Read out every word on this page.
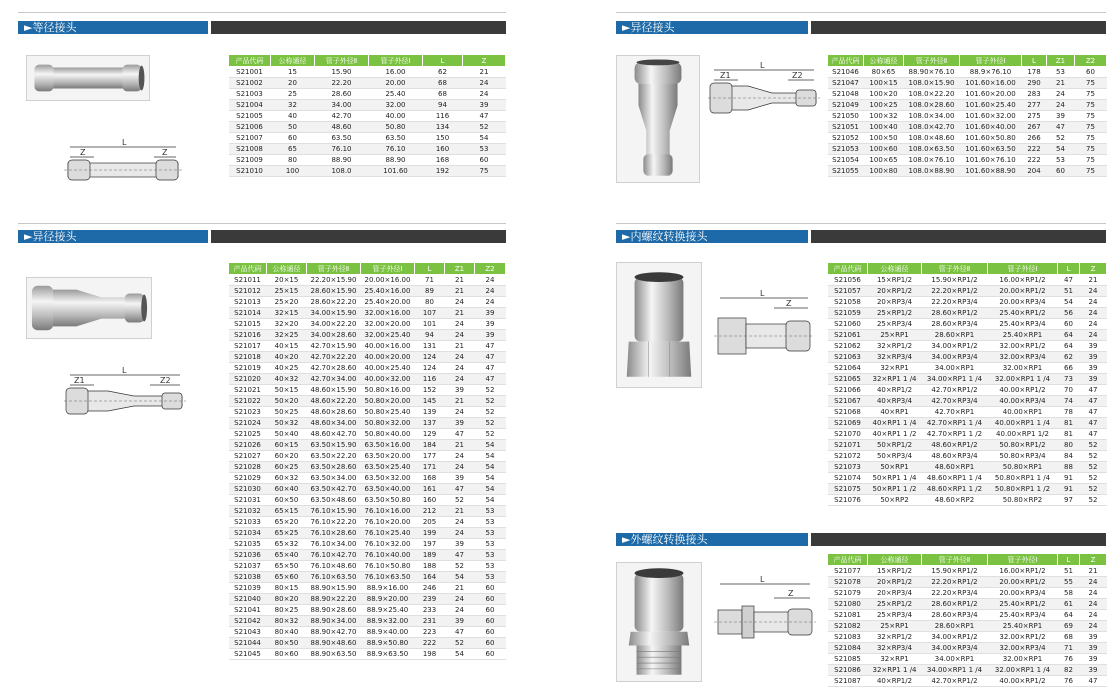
►等径接头
L
Z	Z
产品代码	公称通径	管子外径Ⅱ	管子外径Ⅰ	L	Z
S21001	15	15.90	16.00	62	21
S21002	20	22.20	20.00	68	24
S21003	25	28.60	25.40	68	24
S21004	32	34.00	32.00	94	39
S21005	40	42.70	40.00	116	47
S21006	50	48.60	50.80	134	52
S21007	60	63.50	63.50	150	54
S21008	65	76.10	76.10	160	53
S21009	80	88.90	88.90	168	60
S21010	100	108.0	101.60	192	75
►异径接头
L
Z1	Z2
产品代码	公称通径	管子外径Ⅱ	管子外径Ⅰ	L	Z1	Z2
S21011	20×15	22.20×15.90	20.00×16.00	71	21	24
S21012	25×15	28.60×15.90	25.40×16.00	89	21	24
S21013	25×20	28.60×22.20	25.40×20.00	80	24	24
S21014	32×15	34.00×15.90	32.00×16.00	107	21	39
S21015	32×20	34.00×22.20	32.00×20.00	101	24	39
S21016	32×25	34.00×28.60	32.00×25.40	94	24	39
S21017	40×15	42.70×15.90	40.00×16.00	131	21	47
S21018	40×20	42.70×22.20	40.00×20.00	124	24	47
S21019	40×25	42.70×28.60	40.00×25.40	124	24	47
S21020	40×32	42.70×34.00	40.00×32.00	116	24	47
S21021	50×15	48.60×15.90	50.80×16.00	152	39	52
S21022	50×20	48.60×22.20	50.80×20.00	145	21	52
S21023	50×25	48.60×28.60	50.80×25.40	139	24	52
S21024	50×32	48.60×34.00	50.80×32.00	137	39	52
S21025	50×40	48.60×42.70	50.80×40.00	129	47	52
S21026	60×15	63.50×15.90	63.50×16.00	184	21	54
S21027	60×20	63.50×22.20	63.50×20.00	177	24	54
S21028	60×25	63.50×28.60	63.50×25.40	171	24	54
S21029	60×32	63.50×34.00	63.50×32.00	168	39	54
S21030	60×40	63.50×42.70	63.50×40.00	161	47	54
S21031	60×50	63.50×48.60	63.50×50.80	160	52	54
S21032	65×15	76.10×15.90	76.10×16.00	212	21	53
S21033	65×20	76.10×22.20	76.10×20.00	205	24	53
S21034	65×25	76.10×28.60	76.10×25.40	199	24	53
S21035	65×32	76.10×34.00	76.10×32.00	197	39	53
S21036	65×40	76.10×42.70	76.10×40.00	189	47	53
S21037	65×50	76.10×48.60	76.10×50.80	188	52	53
S21038	65×60	76.10×63.50	76.10×63.50	164	54	53
S21039	80×15	88.90×15.90	88.9×16.00	246	21	60
S21040	80×20	88.90×22.20	88.9×20.00	239	24	60
S21041	80×25	88.90×28.60	88.9×25.40	233	24	60
S21042	80×32	88.90×34.00	88.9×32.00	231	39	60
S21043	80×40	88.90×42.70	88.9×40.00	223	47	60
S21044	80×50	88.90×48.60	88.9×50.80	222	52	60
S21045	80×60	88.90×63.50	88.9×63.50	198	54	60
►异径接头
L
Z1	Z2
产品代码	公称通径	管子外径Ⅱ	管子外径Ⅰ	L	Z1	Z2
S21046	80×65	88.90×76.10	88.9×76.10	178	53	60
S21047	100×15	108.0×15.90	101.60×16.00	290	21	75
S21048	100×20	108.0×22.20	101.60×20.00	283	24	75
S21049	100×25	108.0×28.60	101.60×25.40	277	24	75
S21050	100×32	108.0×34.00	101.60×32.00	275	39	75
S21051	100×40	108.0×42.70	101.60×40.00	267	47	75
S21052	100×50	108.0×48.60	101.60×50.80	266	52	75
S21053	100×60	108.0×63.50	101.60×63.50	222	54	75
S21054	100×65	108.0×76.10	101.60×76.10	222	53	75
S21055	100×80	108.0×88.90	101.60×88.90	204	60	75
►内螺纹转换接头
L
Z
产品代码	公称通径	管子外径Ⅱ	管子外径Ⅰ	L	Z
S21056	15×RP1/2	15.90×RP1/2	16.00×RP1/2	47	21
S21057	20×RP1/2	22.20×RP1/2	20.00×RP1/2	51	24
S21058	20×RP3/4	22.20×RP3/4	20.00×RP3/4	54	24
S21059	25×RP1/2	28.60×RP1/2	25.40×RP1/2	56	24
S21060	25×RP3/4	28.60×RP3/4	25.40×RP3/4	60	24
S21061	25×RP1	28.60×RP1	25.40×RP1	64	24
S21062	32×RP1/2	34.00×RP1/2	32.00×RP1/2	64	39
S21063	32×RP3/4	34.00×RP3/4	32.00×RP3/4	62	39
S21064	32×RP1	34.00×RP1	32.00×RP1	66	39
S21065	32×RP1 1 /4	34.00×RP1 1 /4	32.00×RP1 1 /4	73	39
S21066	40×RP1/2	42.70×RP1/2	40.00×RP1/2	70	47
S21067	40×RP3/4	42.70×RP3/4	40.00×RP3/4	74	47
S21068	40×RP1	42.70×RP1	40.00×RP1	78	47
S21069	40×RP1 1 /4	42.70×RP1 1 /4	40.00×RP1 1 /4	81	47
S21070	40×RP1 1 /2	42.70×RP1 1 /2	40.00×RP1 1/2	81	47
S21071	50×RP1/2	48.60×RP1/2	50.80×RP1/2	80	52
S21072	50×RP3/4	48.60×RP3/4	50.80×RP3/4	84	52
S21073	50×RP1	48.60×RP1	50.80×RP1	88	52
S21074	50×RP1 1 /4	48.60×RP1 1 /4	50.80×RP1 1 /4	91	52
S21075	50×RP1 1 /2	48.60×RP1 1 /2	50.80×RP1 1 /2	91	52
S21076	50×RP2	48.60×RP2	50.80×RP2	97	52
►外螺纹转换接头
L
Z
产品代码	公称通径	管子外径Ⅱ	管子外径Ⅰ	L	Z
S21077	15×RP1/2	15.90×RP1/2	16.00×RP1/2	51	21
S21078	20×RP1/2	22.20×RP1/2	20.00×RP1/2	55	24
S21079	20×RP3/4	22.20×RP3/4	20.00×RP3/4	58	24
S21080	25×RP1/2	28.60×RP1/2	25.40×RP1/2	61	24
S21081	25×RP3/4	28.60×RP3/4	25.40×RP3/4	64	24
S21082	25×RP1	28.60×RP1	25.40×RP1	69	24
S21083	32×RP1/2	34.00×RP1/2	32.00×RP1/2	68	39
S21084	32×RP3/4	34.00×RP3/4	32.00×RP3/4	71	39
S21085	32×RP1	34.00×RP1	32.00×RP1	76	39
S21086	32×RP1 1 /4	34.00×RP1 1 /4	32.00×RP1 1 /4	82	39
S21087	40×RP1/2	42.70×RP1/2	40.00×RP1/2	76	47
